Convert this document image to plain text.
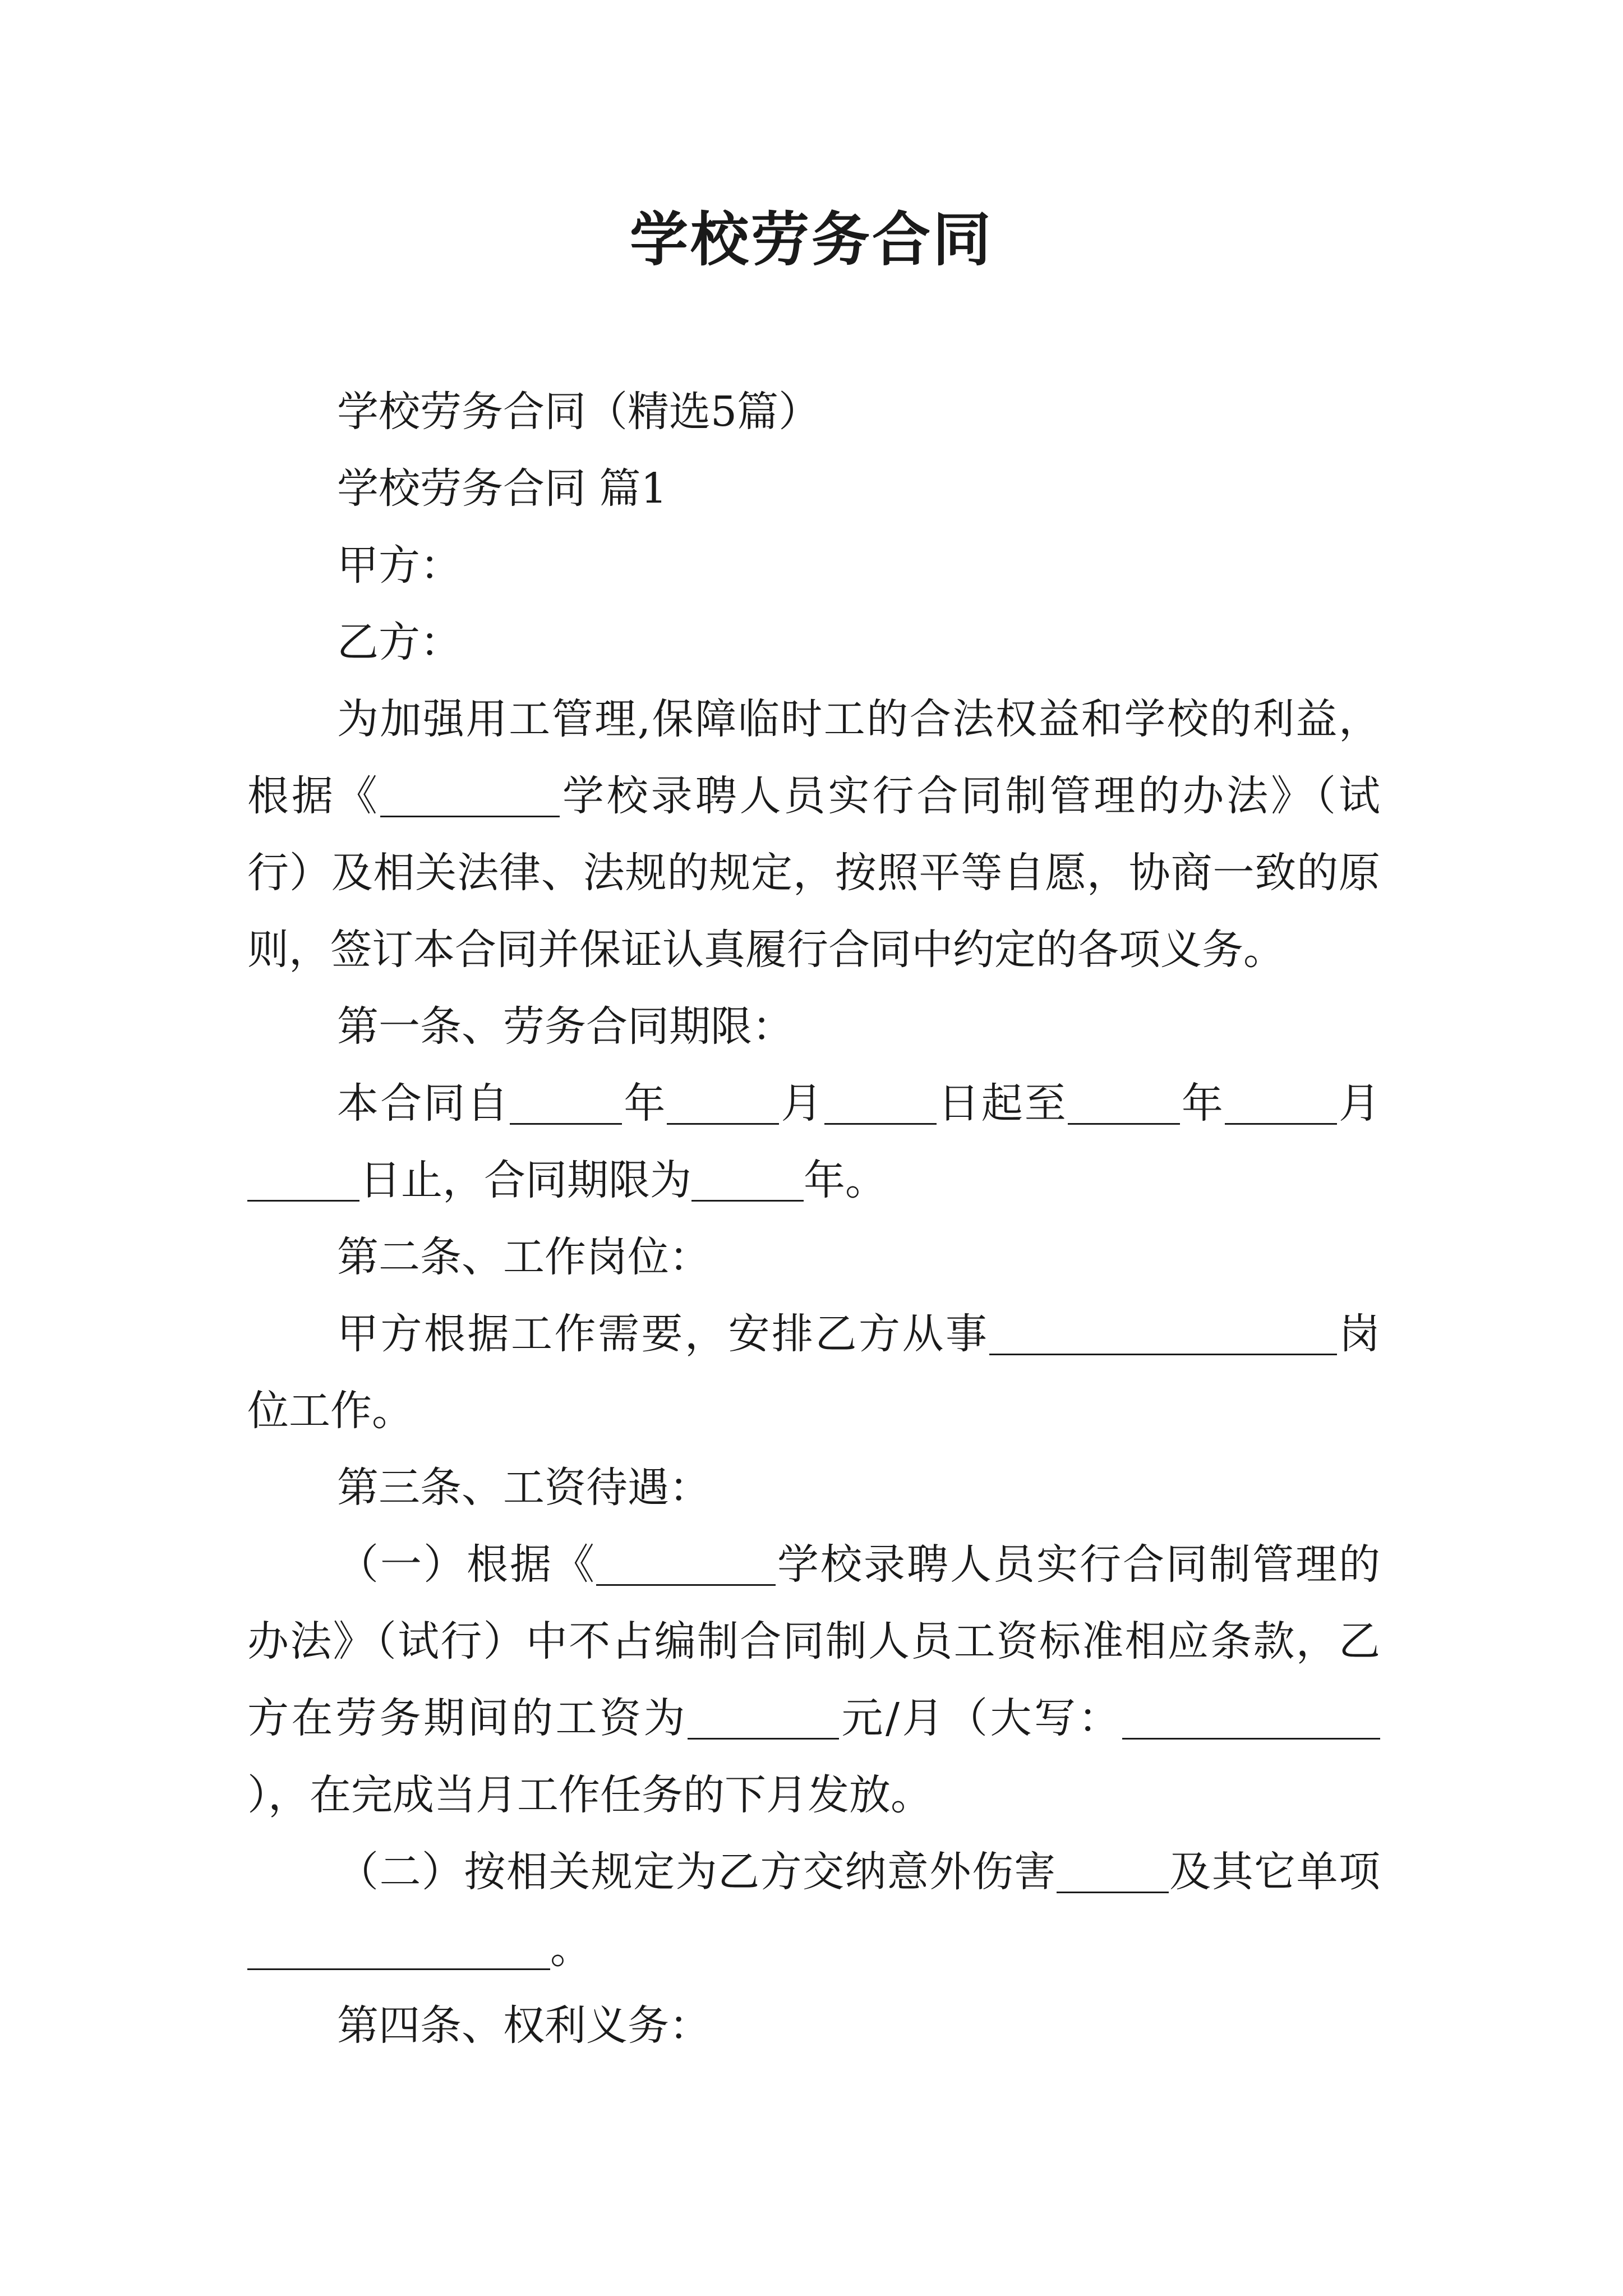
学校劳务合同

学校劳务合同（精选5篇）

学校劳务合同 篇1

甲方：

乙方：

为加强用工管理,保障临时工的合法权益和学校的利益，根据《	学校录聘人员实行合同制管理的办法》（试行）及相关法律、法规的规定，按照平等自愿，协商一致的原则，签订本合同并保证认真履行合同中约定的各项义务。

第一条、劳务合同期限：

本合同自	年	月	日起至	年	月日止，合同期限为	年。

第二条、工作岗位：

甲方根据工作需要，安排乙方从事	岗位工作。

第三条、工资待遇：

（一）根据《	学校录聘人员实行合同制管理的办法》（试行）中不占编制合同制人员工资标准相应条款，乙方在劳务期间的工资为	元/月（大写：），在完成当月工作任务的下月发放。

（二）按相关规定为乙方交纳意外伤害	及其它单项。

第四条、权利义务：
